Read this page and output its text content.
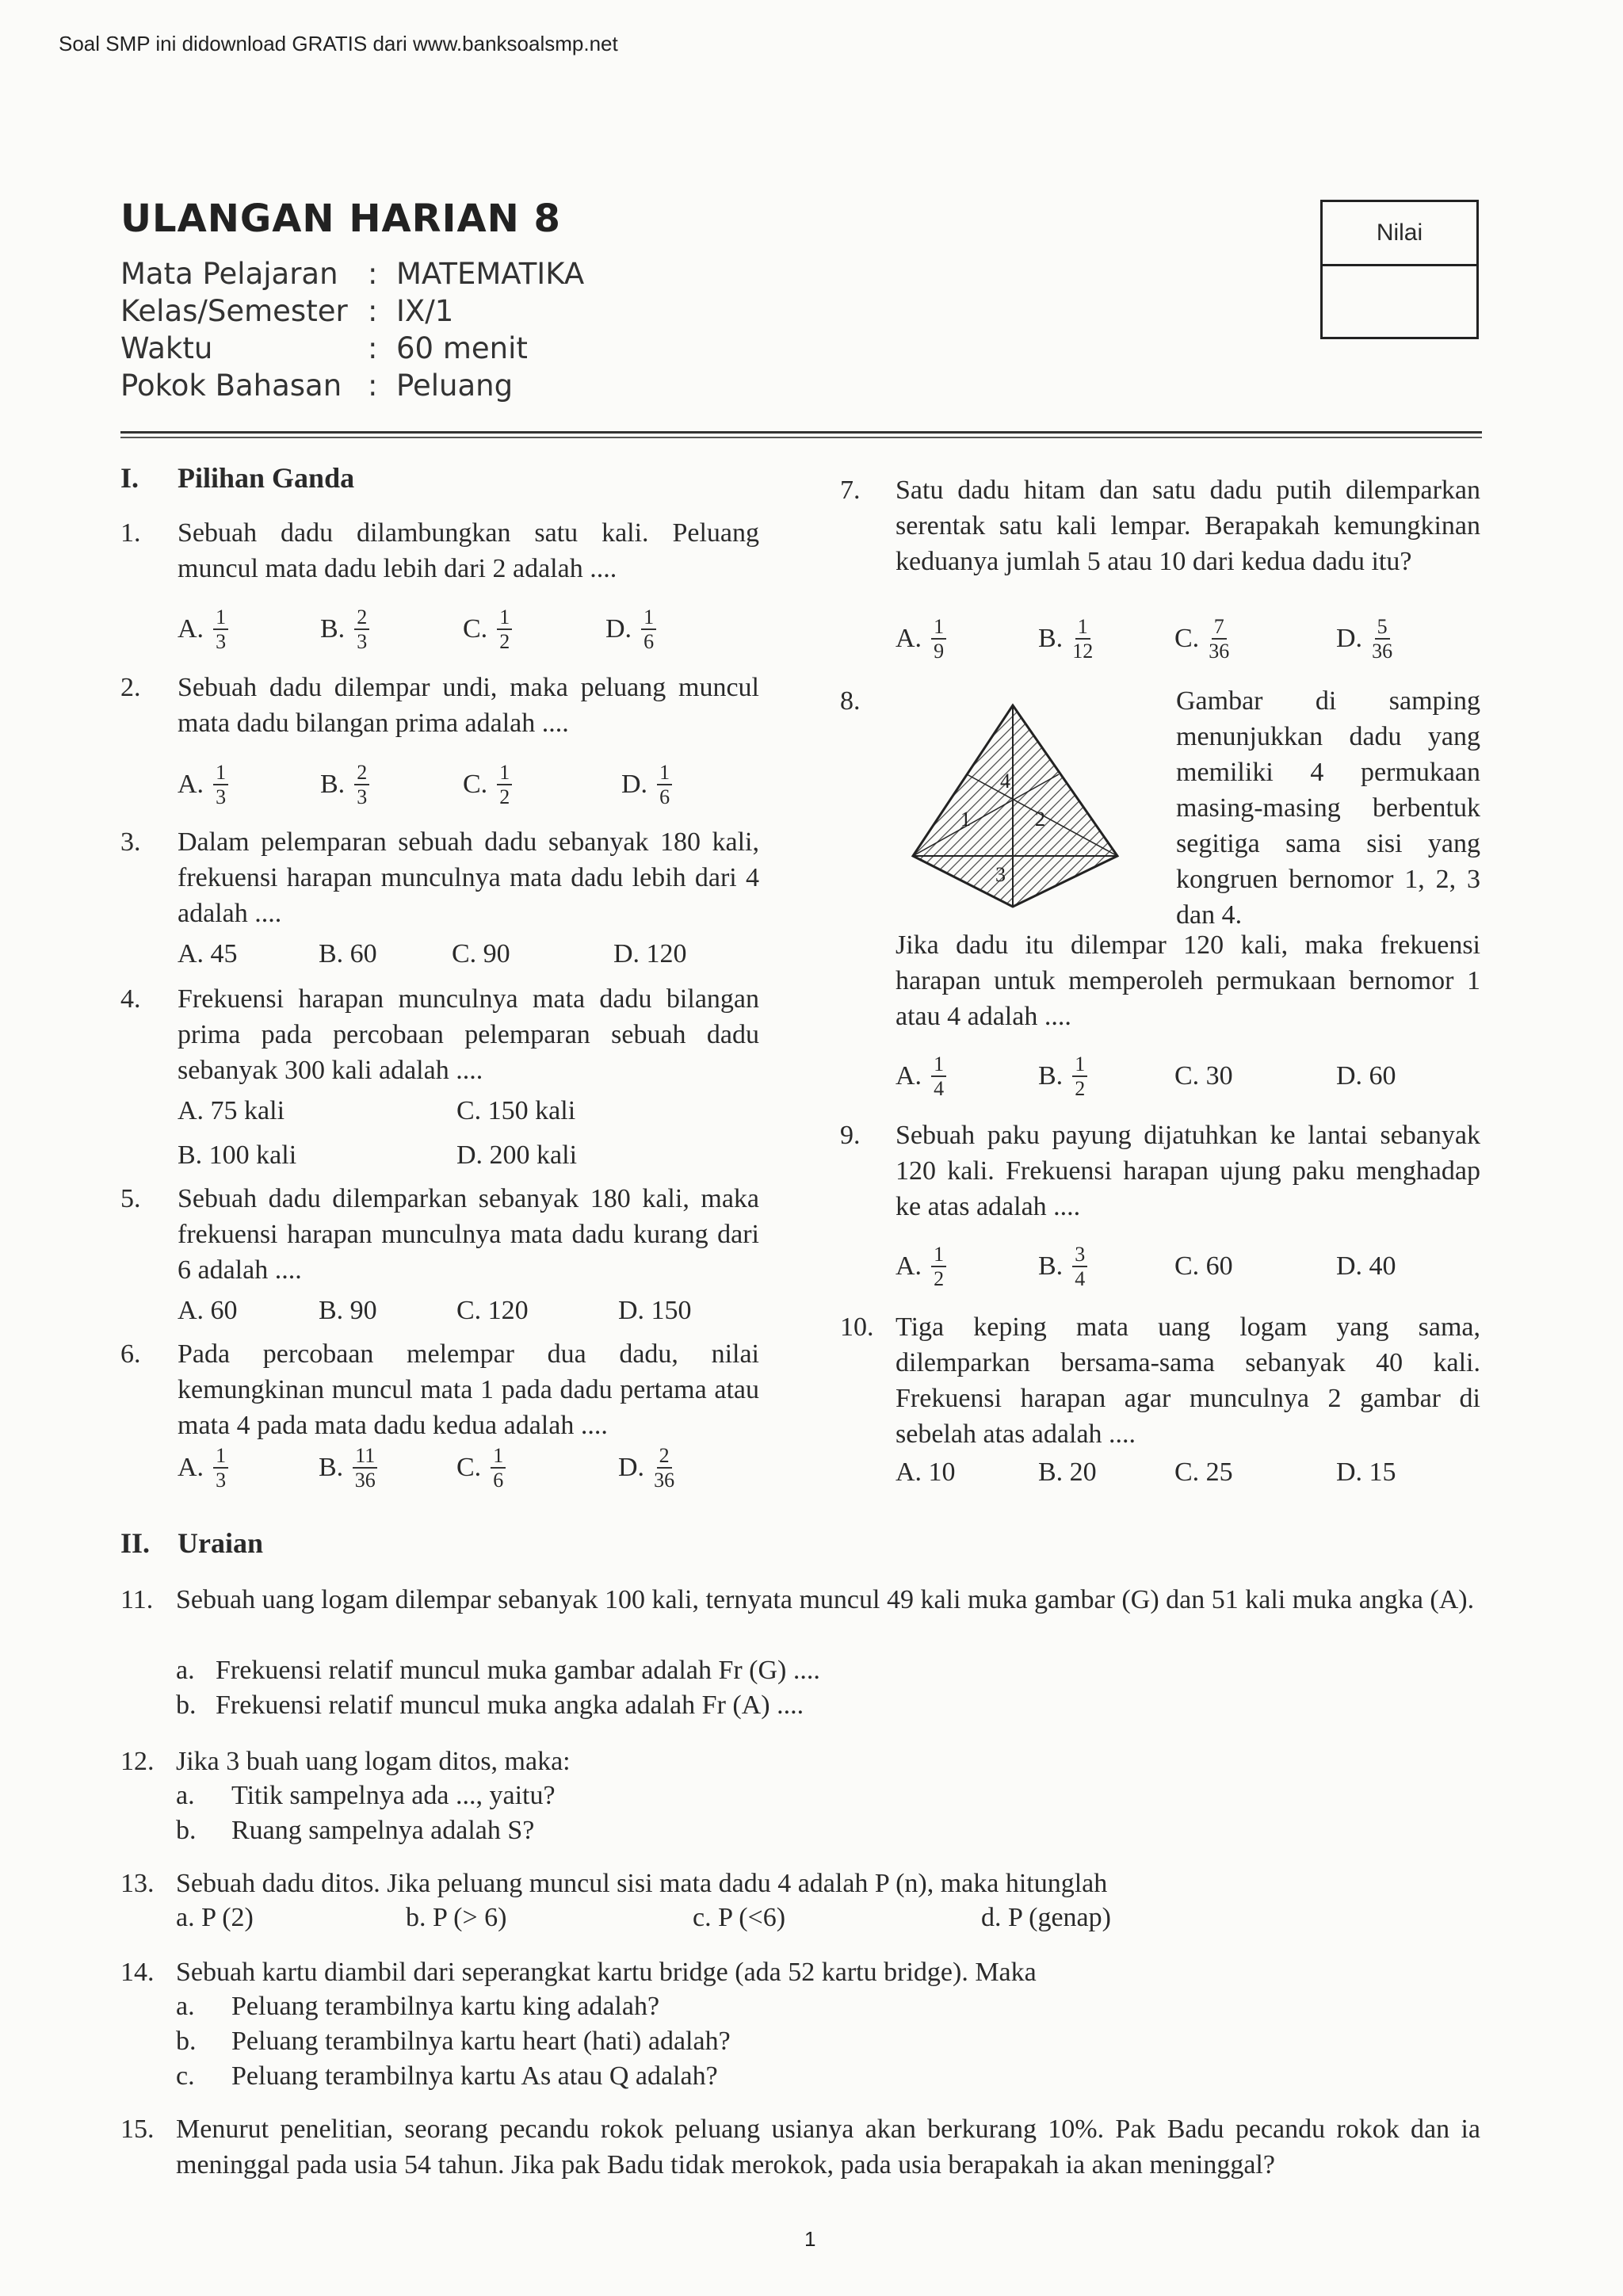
Soal SMP ini didownload GRATIS dari www.banksoalsmp.net
ULANGAN HARIAN 8
Mata Pelajaran	: MATEMATIKA
Kelas/Semester : IX/1
Waktu	: 60 menit
Pokok Bahasan : Peluang
Nilai
I. Pilihan Ganda
1. Sebuah dadu dilambungkan satu kali. Peluang muncul mata dadu lebih dari 2 adalah ....
A. $\frac{1}{3}$	B. $\frac{2}{3}$	C. $\frac{1}{2}$	D. $\frac{1}{6}$
2. Sebuah dadu dilempar undi, maka peluang muncul mata dadu bilangan prima adalah ....
A. $\frac{1}{3}$	B. $\frac{2}{3}$	C. $\frac{1}{2}$	D. $\frac{1}{6}$
3. Dalam pelemparan sebuah dadu sebanyak 180 kali, frekuensi harapan munculnya mata dadu lebih dari 4 adalah ....
A. 45	B. 60	C. 90	D. 120
4. Frekuensi harapan munculnya mata dadu bilangan prima pada percobaan pelemparan sebuah dadu sebanyak 300 kali adalah ....
A. 75 kali	C. 150 kali
B. 100 kali	D. 200 kali
5. Sebuah dadu dilemparkan sebanyak 180 kali, maka frekuensi harapan munculnya mata dadu kurang dari 6 adalah ....
A. 60	B. 90	C. 120	D. 150
6. Pada percobaan melempar dua dadu, nilai kemungkinan muncul mata 1 pada dadu pertama atau mata 4 pada mata dadu kedua adalah ....
A. $\frac{1}{3}$	B. $\frac{11}{36}$	C. $\frac{1}{6}$	D. $\frac{2}{36}$
7. Satu dadu hitam dan satu dadu putih dilemparkan serentak satu kali lempar. Berapakah kemungkinan keduanya jumlah 5 atau 10 dari kedua dadu itu?
A. $\frac{1}{9}$	B. $\frac{1}{12}$	C. $\frac{7}{36}$	D. $\frac{5}{36}$
8.
4
1	2
3
Gambar di samping menunjukkan dadu yang memiliki 4 permukaan masing-masing berbentuk segitiga sama sisi yang kongruen bernomor 1, 2, 3 dan 4.
Jika dadu itu dilempar 120 kali, maka frekuensi harapan untuk memperoleh permukaan bernomor 1 atau 4 adalah ....
A. $\frac{1}{4}$	B. $\frac{1}{2}$	C. 30	D. 60
9. Sebuah paku payung dijatuhkan ke lantai sebanyak 120 kali. Frekuensi harapan ujung paku menghadap ke atas adalah ....
A. $\frac{1}{2}$	B. $\frac{3}{4}$	C. 60	D. 40
10. Tiga keping mata uang logam yang sama, dilemparkan bersama-sama sebanyak 40 kali. Frekuensi harapan agar munculnya 2 gambar di sebelah atas adalah ....
A. 10	B. 20	C. 25	D. 15
II. Uraian
11. Sebuah uang logam dilempar sebanyak 100 kali, ternyata muncul 49 kali muka gambar (G) dan 51 kali muka angka (A).
a. Frekuensi relatif muncul muka gambar adalah Fr (G) ....
b. Frekuensi relatif muncul muka angka adalah Fr (A) ....
12. Jika 3 buah uang logam ditos, maka:
a. Titik sampelnya ada ..., yaitu?
b. Ruang sampelnya adalah S?
13. Sebuah dadu ditos. Jika peluang muncul sisi mata dadu 4 adalah P (n), maka hitunglah
a. P (2)	b. P (> 6)	c. P (<6)	d. P (genap)
14. Sebuah kartu diambil dari seperangkat kartu bridge (ada 52 kartu bridge). Maka
a. Peluang terambilnya kartu king adalah?
b. Peluang terambilnya kartu heart (hati) adalah?
c. Peluang terambilnya kartu As atau Q adalah?
15. Menurut penelitian, seorang pecandu rokok peluang usianya akan berkurang 10%. Pak Badu pecandu rokok dan ia meninggal pada usia 54 tahun. Jika pak Badu tidak merokok, pada usia berapakah ia akan meninggal?
1
